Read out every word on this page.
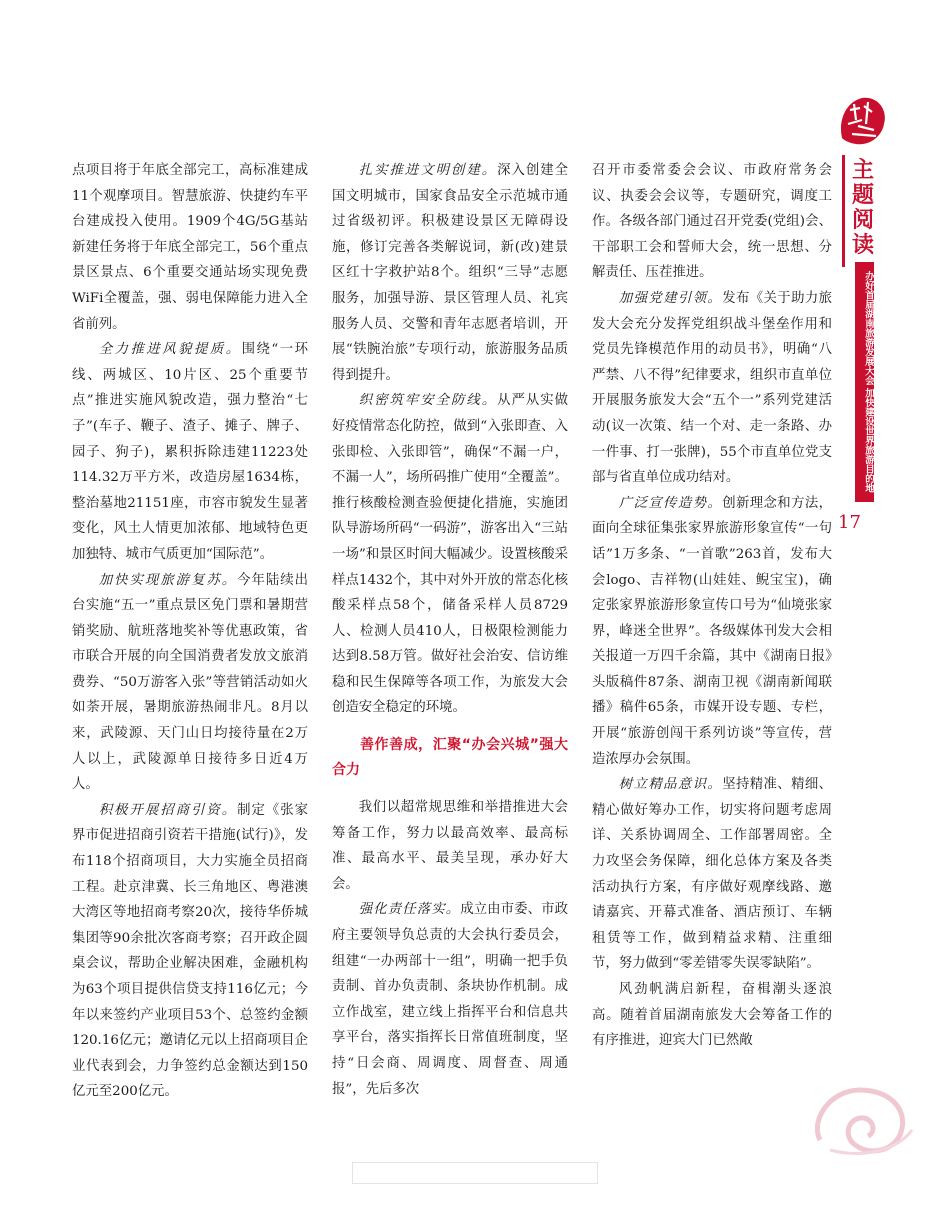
主题阅读
办好首届湖南旅游发展大会 加快建设世界旅游目的地
17

点项目将于年底全部完工，高标准建成11个观摩项目。智慧旅游、快捷约车平台建成投入使用。1909个4G/5G基站新建任务将于年底全部完工，56个重点景区景点、6个重要交通站场实现免费WiFi全覆盖，强、弱电保障能力进入全省前列。

全力推进风貌提质。围绕“一环线、两城区、10片区、25个重要节点”推进实施风貌改造，强力整治“七子”(车子、鞭子、渣子、摊子、牌子、园子、狗子)，累积拆除违建11223处114.32万平方米，改造房屋1634栋，整治墓地21151座，市容市貌发生显著变化，风土人情更加浓郁、地域特色更加独特、城市气质更加“国际范”。

加快实现旅游复苏。今年陆续出台实施“五一”重点景区免门票和暑期营销奖励、航班落地奖补等优惠政策，省市联合开展的向全国消费者发放文旅消费券、“50万游客入张”等营销活动如火如荼开展，暑期旅游热闹非凡。8月以来，武陵源、天门山日均接待量在2万人以上，武陵源单日接待多日近4万人。

积极开展招商引资。制定《张家界市促进招商引资若干措施(试行)》，发布118个招商项目，大力实施全员招商工程。赴京津冀、长三角地区、粤港澳大湾区等地招商考察20次，接待华侨城集团等90余批次客商考察；召开政企圆桌会议，帮助企业解决困难，金融机构为63个项目提供信贷支持116亿元；今年以来签约产业项目53个、总签约金额120.16亿元；邀请亿元以上招商项目企业代表到会，力争签约总金额达到150亿元至200亿元。

扎实推进文明创建。深入创建全国文明城市，国家食品安全示范城市通过省级初评。积极建设景区无障碍设施，修订完善各类解说词，新(改)建景区红十字救护站8个。组织“三导”志愿服务，加强导游、景区管理人员、礼宾服务人员、交警和青年志愿者培训，开展“铁腕治旅”专项行动，旅游服务品质得到提升。

织密筑牢安全防线。从严从实做好疫情常态化防控，做到“入张即查、入张即检、入张即管”，确保“不漏一户，不漏一人”，场所码推广使用“全覆盖”。推行核酸检测查验便捷化措施，实施团队导游场所码“一码游”，游客出入“三站一场”和景区时间大幅减少。设置核酸采样点1432个，其中对外开放的常态化核酸采样点58个，储备采样人员8729人、检测人员410人，日极限检测能力达到8.58万管。做好社会治安、信访维稳和民生保障等各项工作，为旅发大会创造安全稳定的环境。

善作善成，汇聚“办会兴城”强大合力

我们以超常规思维和举措推进大会筹备工作，努力以最高效率、最高标准、最高水平、最美呈现，承办好大会。

强化责任落实。成立由市委、市政府主要领导负总责的大会执行委员会，组建“一办两部十一组”，明确一把手负责制、首办负责制、条块协作机制。成立作战室，建立线上指挥平台和信息共享平台，落实指挥长日常值班制度，坚持“日会商、周调度、周督查、周通报”，先后多次

召开市委常委会会议、市政府常务会议、执委会会议等，专题研究，调度工作。各级各部门通过召开党委(党组)会、干部职工会和誓师大会，统一思想、分解责任、压茬推进。

加强党建引领。发布《关于助力旅发大会充分发挥党组织战斗堡垒作用和党员先锋模范作用的动员书》，明确“八严禁、八不得”纪律要求，组织市直单位开展服务旅发大会“五个一”系列党建活动(议一次策、结一个对、走一条路、办一件事、打一张牌)，55个市直单位党支部与省直单位成功结对。

广泛宣传造势。创新理念和方法，面向全球征集张家界旅游形象宣传“一句话”1万多条、“一首歌”263首，发布大会logo、吉祥物(山娃娃、鲵宝宝)，确定张家界旅游形象宣传口号为“仙境张家界，峰迷全世界”。各级媒体刊发大会相关报道一万四千余篇，其中《湖南日报》头版稿件87条、湖南卫视《湖南新闻联播》稿件65条，市媒开设专题、专栏，开展“旅游创闯干系列访谈”等宣传，营造浓厚办会氛围。

树立精品意识。坚持精准、精细、精心做好筹办工作，切实将问题考虑周详、关系协调周全、工作部署周密。全力攻坚会务保障，细化总体方案及各类活动执行方案，有序做好观摩线路、邀请嘉宾、开幕式准备、酒店预订、车辆租赁等工作，做到精益求精、注重细节，努力做到“零差错零失误零缺陷”。

风劲帆满启新程，奋楫潮头逐浪高。随着首届湖南旅发大会筹备工作的有序推进，迎宾大门已然敞
